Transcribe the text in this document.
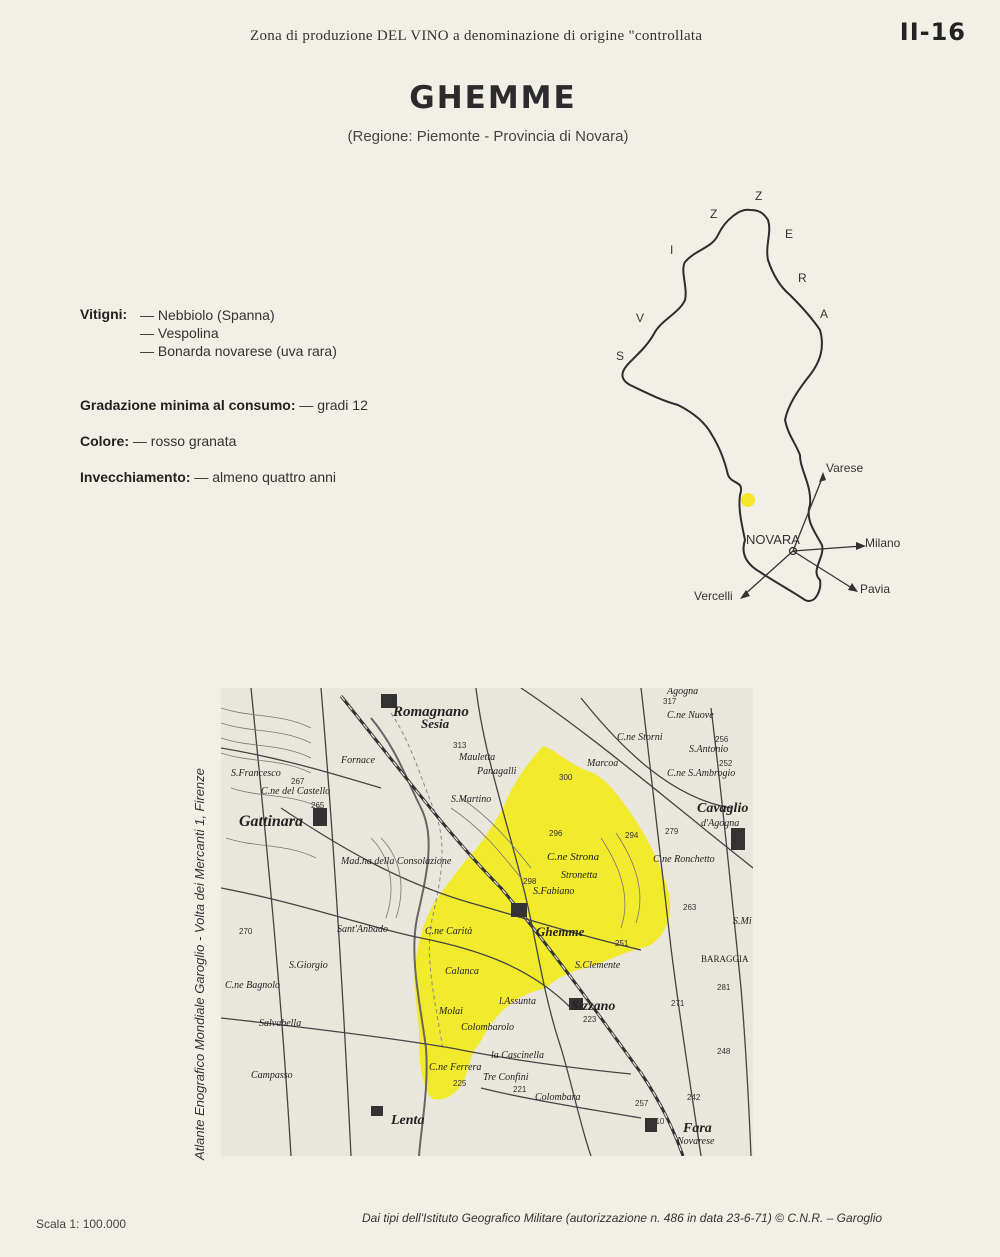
Zona di produzione DEL VINO a denominazione di origine "controllata	II-16
GHEMME
(Regione: Piemonte - Provincia di Novara)
Vitigni: — Nebbiolo (Spanna)
— Vespolina
— Bonarda novarese (uva rara)
Gradazione minima al consumo: — gradi 12
Colore: — rosso granata
Invecchiamento: — almeno quattro anni
S
V
I
Z
Z
E
R
A
NOVARA
Varese
Milano
Pavia
Vercelli
Atlante Enografico Mondiale Garoglio - Volta dei Mercanti 1, Firenze
Romagnano
Sesia
Gattinara
Ghemme
Sizzano
Cavaglio
d'Agogna
Fara
Novarese
Lenta
C.ne Strona
Stronetta
S.Fabiano
S.Clemente
Colombarolo
la Cascinella
Molai
l.Assunta
Calanca
C.ne Carità
S.Antonio
C.ne S.Ambrogio
C.ne Ronchetto
C.ne Nuove
C.ne Storni
Agogna
Tre Confini
Colombara
S.Martino
Mauletta
Panagalli
Fornace	Marcoa
S.Giorgio
C.ne Bagnolo
Salvabella
Mad.na della Consolazione
C.ne del Castello
Campasso
C.ne Ferrera
Sant'Anbado
S.Francesco
BARAGGIA
S.Mi
313
300
294
296
298
251
256
252
279
263
271
281
223
221
225
257
242
248
210
270
265
267
317
Scala 1: 100.000	Dai tipi dell'Istituto Geografico Militare (autorizzazione n. 486 in data 23-6-71) © C.N.R. – Garoglio
